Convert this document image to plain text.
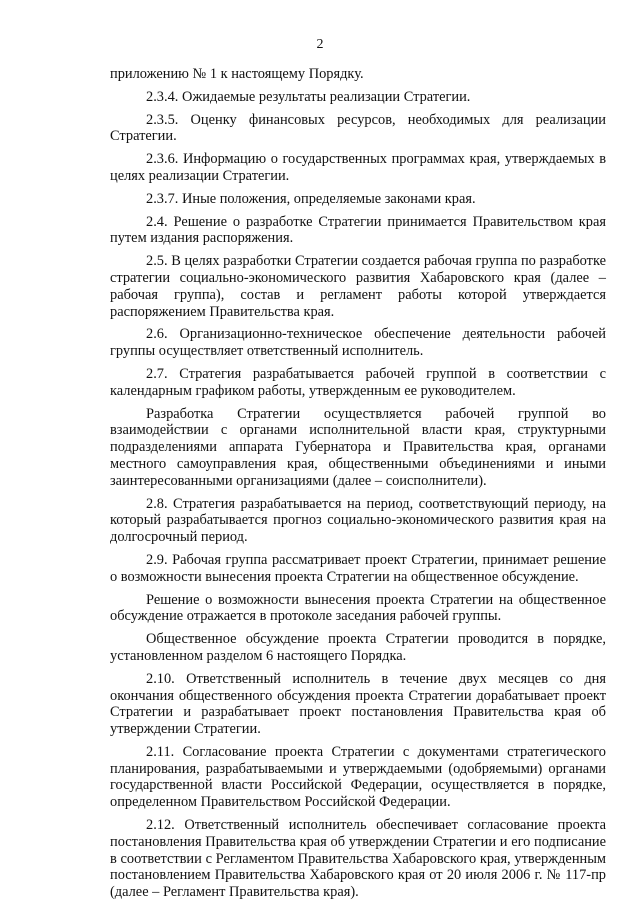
2

приложению № 1 к настоящему Порядку.

2.3.4. Ожидаемые результаты реализации Стратегии.

2.3.5. Оценку финансовых ресурсов, необходимых для реализации Стратегии.

2.3.6. Информацию о государственных программах края, утверждаемых в целях реализации Стратегии.

2.3.7. Иные положения, определяемые законами края.

2.4. Решение о разработке Стратегии принимается Правительством края путем издания распоряжения.

2.5. В целях разработки Стратегии создается рабочая группа по разработке стратегии социально-экономического развития Хабаровского края (далее – рабочая группа), состав и регламент работы которой утверждается распоряжением Правительства края.

2.6. Организационно-техническое обеспечение деятельности рабочей группы осуществляет ответственный исполнитель.

2.7. Стратегия разрабатывается рабочей группой в соответствии с календарным графиком работы, утвержденным ее руководителем.

Разработка Стратегии осуществляется рабочей группой во взаимодействии с органами исполнительной власти края, структурными подразделениями аппарата Губернатора и Правительства края, органами местного самоуправления края, общественными объединениями и иными заинтересованными организациями (далее – соисполнители).

2.8. Стратегия разрабатывается на период, соответствующий периоду, на который разрабатывается прогноз социально-экономического развития края на долгосрочный период.

2.9. Рабочая группа рассматривает проект Стратегии, принимает решение о возможности вынесения проекта Стратегии на общественное обсуждение.

Решение о возможности вынесения проекта Стратегии на общественное обсуждение отражается в протоколе заседания рабочей группы.

Общественное обсуждение проекта Стратегии проводится в порядке, установленном разделом 6 настоящего Порядка.

2.10. Ответственный исполнитель в течение двух месяцев со дня окончания общественного обсуждения проекта Стратегии дорабатывает проект Стратегии и разрабатывает проект постановления Правительства края об утверждении Стратегии.

2.11. Согласование проекта Стратегии с документами стратегического планирования, разрабатываемыми и утверждаемыми (одобряемыми) органами государственной власти Российской Федерации, осуществляется в порядке, определенном Правительством Российской Федерации.

2.12. Ответственный исполнитель обеспечивает согласование проекта постановления Правительства края об утверждении Стратегии и его подписание в соответствии с Регламентом Правительства Хабаровского края, утвержденным постановлением Правительства Хабаровского края от 20 июля 2006 г. № 117-пр (далее – Регламент Правительства края).
